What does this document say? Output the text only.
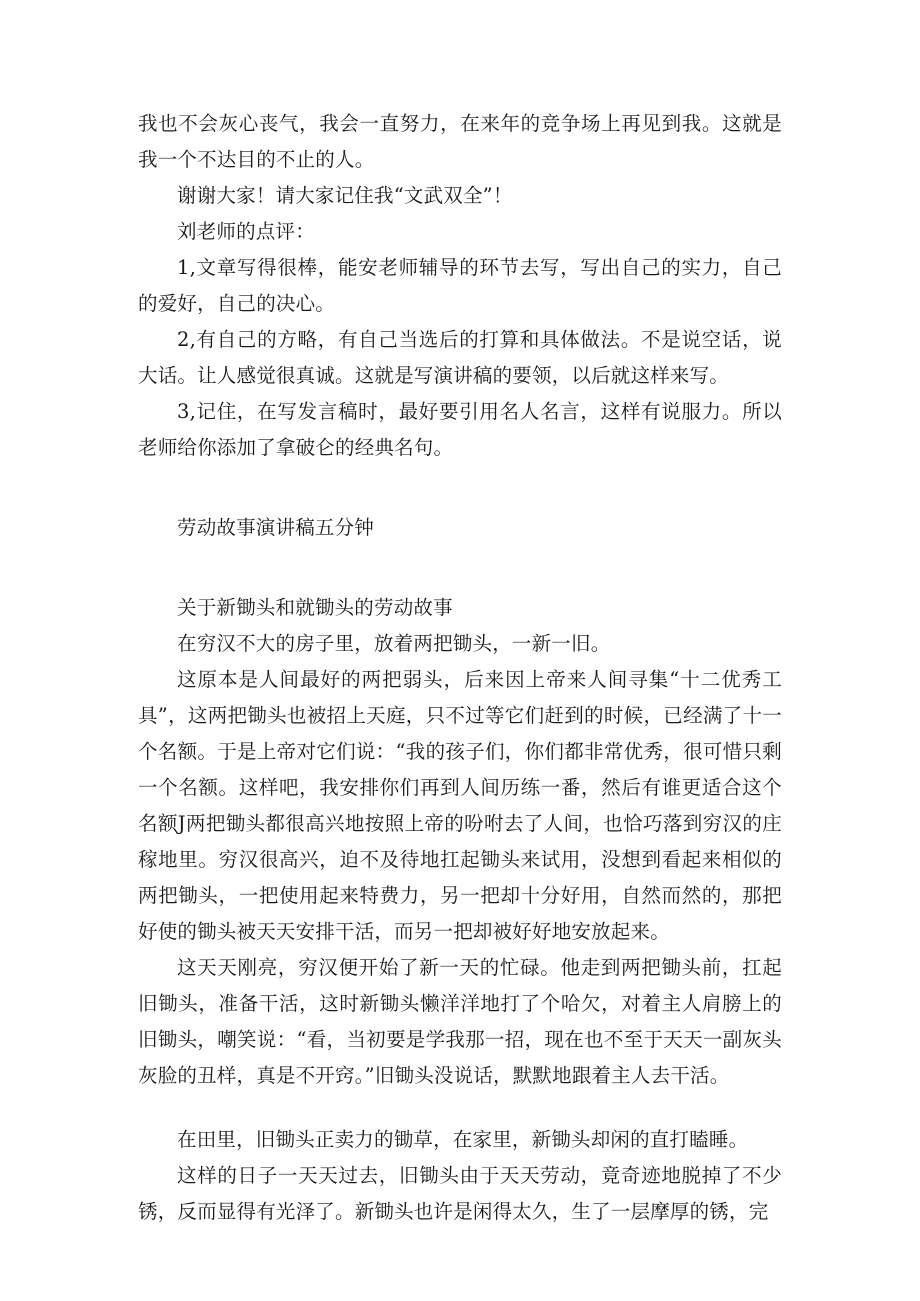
我也不会灰心丧气，我会一直努力，在来年的竞争场上再见到我。这就是我一个不达目的不止的人。

谢谢大家！请大家记住我“文武双全”！

刘老师的点评：

1,文章写得很棒，能安老师辅导的环节去写，写出自己的实力，自己的爱好，自己的决心。

2,有自己的方略，有自己当选后的打算和具体做法。不是说空话，说大话。让人感觉很真诚。这就是写演讲稿的要领，以后就这样来写。

3,记住，在写发言稿时，最好要引用名人名言，这样有说服力。所以老师给你添加了拿破仑的经典名句。

劳动故事演讲稿五分钟

关于新锄头和就锄头的劳动故事

在穷汉不大的房子里，放着两把锄头，一新一旧。

这原本是人间最好的两把弱头，后来因上帝来人间寻集“十二优秀工具”，这两把锄头也被招上天庭，只不过等它们赶到的时候，已经满了十一个名额。于是上帝对它们说：“我的孩子们，你们都非常优秀，很可惜只剩一个名额。这样吧，我安排你们再到人间历练一番，然后有谁更适合这个名额J两把锄头都很高兴地按照上帝的吩咐去了人间，也恰巧落到穷汉的庄稼地里。穷汉很高兴，迫不及待地扛起锄头来试用，没想到看起来相似的两把锄头，一把使用起来特费力，另一把却十分好用，自然而然的，那把好使的锄头被天天安排干活，而另一把却被好好地安放起来。

这天天刚亮，穷汉便开始了新一天的忙碌。他走到两把锄头前，扛起旧锄头，准备干活，这时新锄头懒洋洋地打了个哈欠，对着主人肩膀上的旧锄头，嘲笑说：“看，当初要是学我那一招，现在也不至于天天一副灰头灰脸的丑样，真是不开窍。”旧锄头没说话，默默地跟着主人去干活。

在田里，旧锄头正卖力的锄草，在家里，新锄头却闲的直打瞌睡。

这样的日子一天天过去，旧锄头由于天天劳动，竟奇迹地脱掉了不少锈，反而显得有光泽了。新锄头也许是闲得太久，生了一层摩厚的锈，完
